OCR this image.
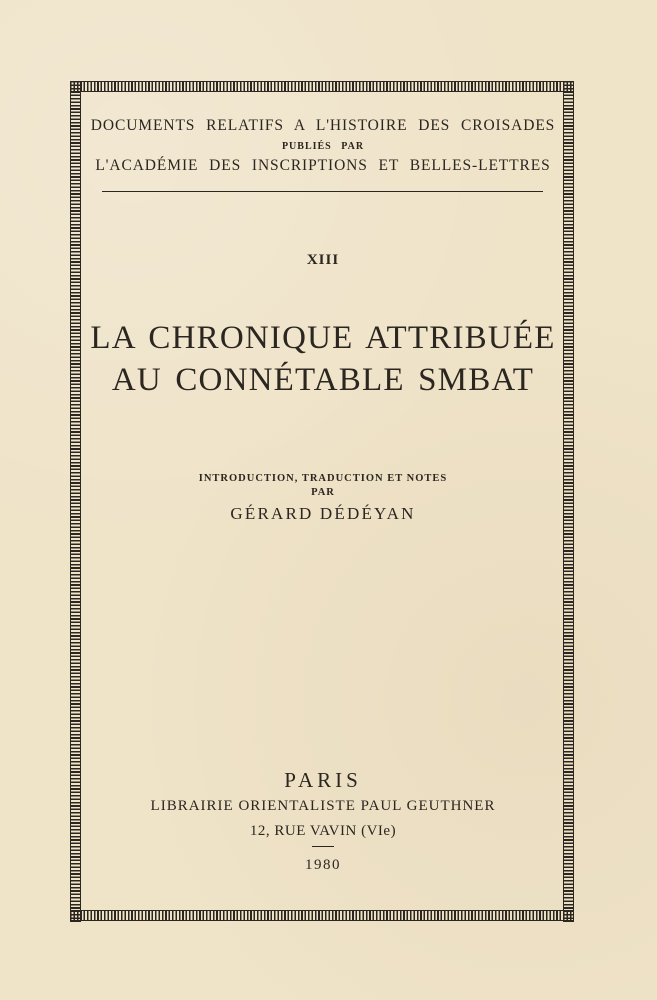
DOCUMENTS RELATIFS A L'HISTOIRE DES CROISADES
PUBLIÉS PAR
L'ACADÉMIE DES INSCRIPTIONS ET BELLES-LETTRES
XIII
LA CHRONIQUE ATTRIBUÉE
AU CONNÉTABLE SMBAT
INTRODUCTION, TRADUCTION ET NOTES
PAR
GÉRARD DÉDÉYAN
PARIS
LIBRAIRIE ORIENTALISTE PAUL GEUTHNER
12, RUE VAVIN (VIe)
1980
